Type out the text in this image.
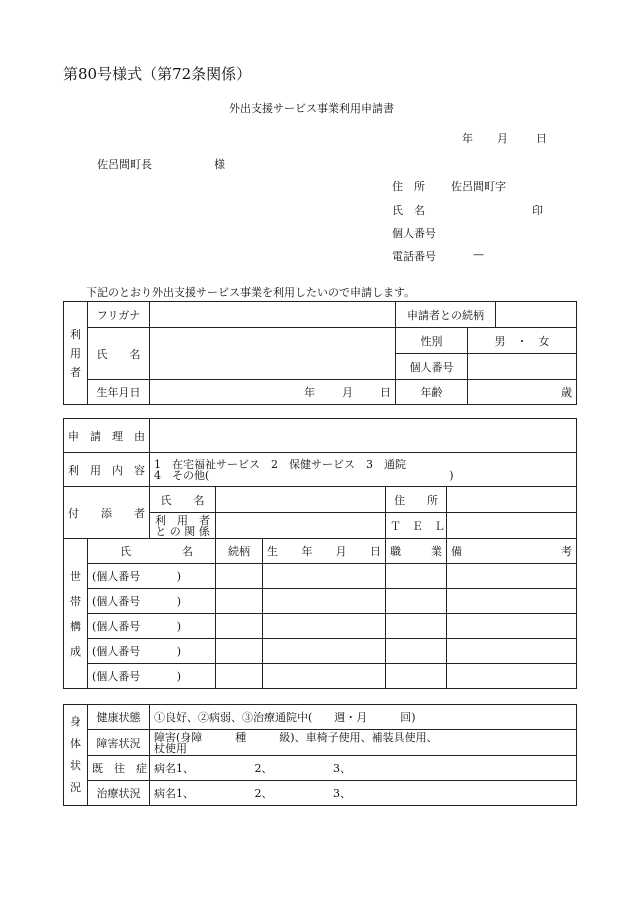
第80号様式（第72条関係）
外出支援サービス事業利用申請書
年 月	日
佐呂間町長	様
住　所 佐呂間町字
氏　名	印
個人番号
電話番号	—
下記のとおり外出支援サービス事業を利用したいので申請します。
利用者	フリガナ		申請者との続柄		
	氏　　名		性別	男　・　女	
			個人番号		
	生年月日	年 月 日	年齢	歳	
申　請　理　由						
利　用　内　容		1　在宅福祉サービス　2　保健サービス　3　通院
4　その他( )				

付　　添　　者		氏　　名			住　　所	

		利　用　者
と の 関 係			Ｔ　Ｅ　Ｌ	
世帯構成	氏 名		続柄	生 年 月 日	職 業	備 考

	(個人番号 )					

	(個人番号 )					

	(個人番号 )					

	(個人番号 )					

	(個人番号 )					

身体状況	健康状態	①良好、②病弱、③治療通院中(　　週・月　　　回)
	障害状況	障害(身障　　　種　　　級)、車椅子使用、補装具使用、
杖使用

	既　往　症	病名1、　　　　　　2、　　　　　　3、
	治療状況	病名1、　　　　　　2、　　　　　　3、
